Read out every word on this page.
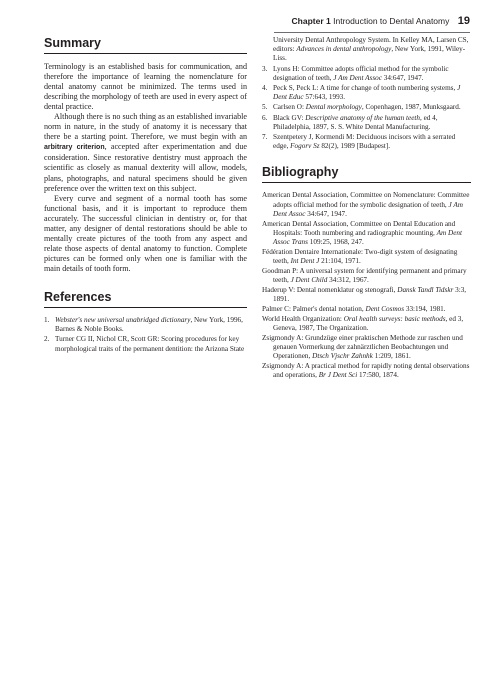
Chapter 1 Introduction to Dental Anatomy 19
Summary

Terminology is an established basis for communication, and therefore the importance of learning the nomenclature for dental anatomy cannot be minimized. The terms used in describing the morphology of teeth are used in every aspect of dental practice.

Although there is no such thing as an established invariable norm in nature, in the study of anatomy it is necessary that there be a starting point. Therefore, we must begin with an arbitrary criterion, accepted after experimentation and due consideration. Since restorative dentistry must approach the scientific as closely as manual dexterity will allow, models, plans, photographs, and natural specimens should be given preference over the written text on this subject.

Every curve and segment of a normal tooth has some functional basis, and it is important to reproduce them accurately. The successful clinician in dentistry or, for that matter, any designer of dental restorations should be able to mentally create pictures of the tooth from any aspect and relate those aspects of dental anatomy to function. Complete pictures can be formed only when one is familiar with the main details of tooth form.

References
1. Webster's new universal unabridged dictionary, New York, 1996, Barnes & Noble Books.
2. Turner CG II, Nichol CR, Scott GR: Scoring procedures for key morphological traits of the permanent dentition: the Arizona State
University Dental Anthropology System. In Kelley MA, Larsen CS, editors: Advances in dental anthropology, New York, 1991, Wiley-Liss.
3. Lyons H: Committee adopts official method for the symbolic designation of teeth, J Am Dent Assoc 34:647, 1947.
4. Peck S, Peck L: A time for change of tooth numbering systems, J Dent Educ 57:643, 1993.
5. Carlsen O: Dental morphology, Copenhagen, 1987, Munksgaard.
6. Black GV: Descriptive anatomy of the human teeth, ed 4, Philadelphia, 1897, S. S. White Dental Manufacturing.
7. Szentpetery J, Kormendi M: Deciduous incisors with a serrated edge, Fogorv Sz 82(2), 1989 [Budapest].
Bibliography
American Dental Association, Committee on Nomenclature: Committee adopts official method for the symbolic designation of teeth, J Am Dent Assoc 34:647, 1947.
American Dental Association, Committee on Dental Education and Hospitals: Tooth numbering and radiographic mounting, Am Dent Assoc Trans 109:25, 1968, 247.
Fédération Dentaire Internationale: Two-digit system of designating teeth, Int Dent J 21:104, 1971.
Goodman P: A universal system for identifying permanent and primary teeth, J Dent Child 34:312, 1967.
Haderup V: Dental nomenklatur og stenografi, Dansk Tandl Tidskr 3:3, 1891.
Palmer C: Palmer's dental notation, Dent Cosmos 33:194, 1981.
World Health Organization: Oral health surveys: basic methods, ed 3, Geneva, 1987, The Organization.
Zsigmondy A: Grundzüge einer praktischen Methode zur raschen und genauen Vormerkung der zahnärztlichen Beobachtungen und Operationen, Dtsch Vjschr Zahnhk 1:209, 1861.
Zsigmondy A: A practical method for rapidly noting dental observations and operations, Br J Dent Sci 17:580, 1874.
